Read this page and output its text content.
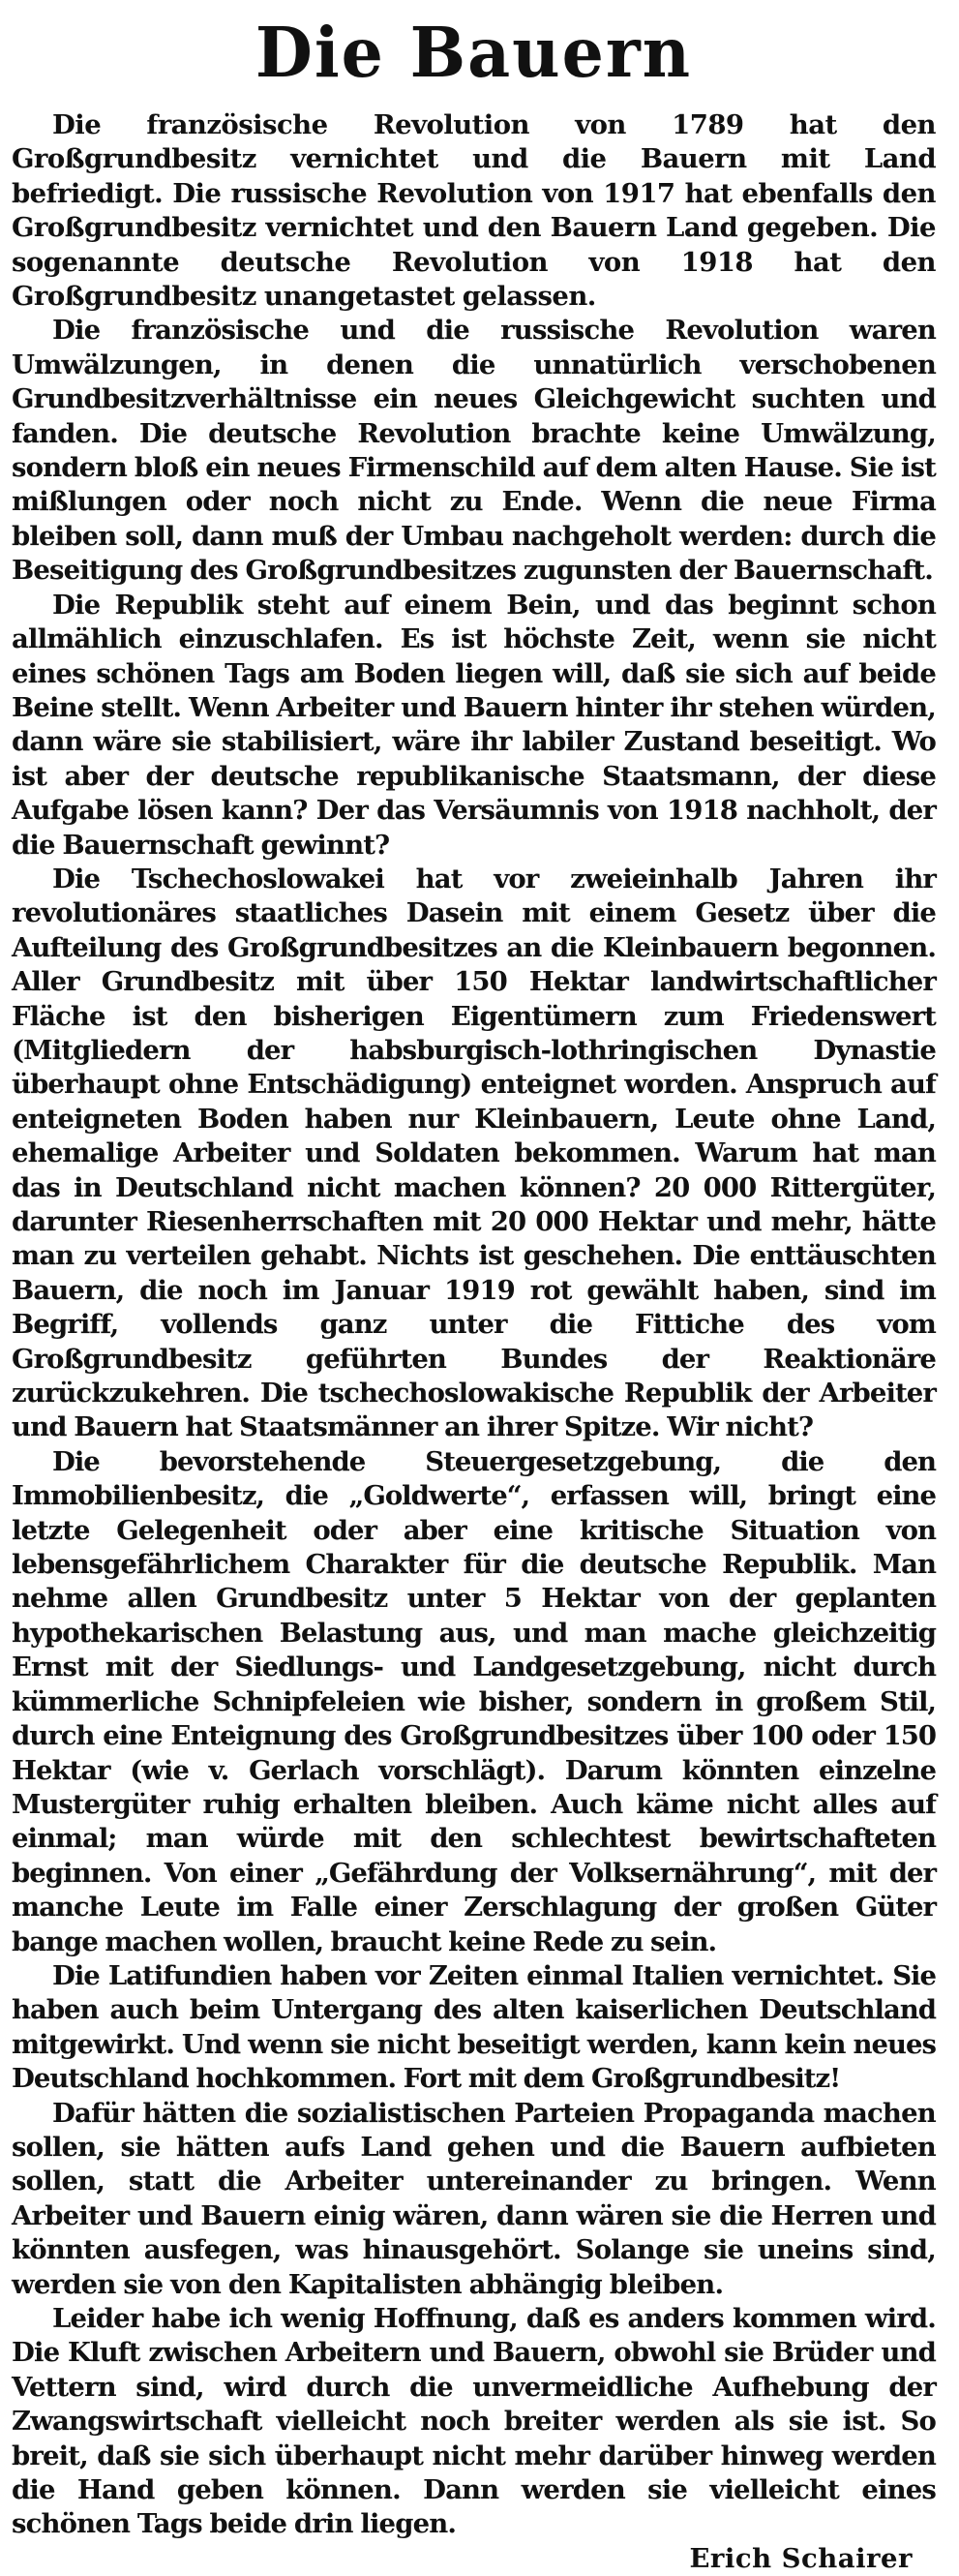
Die Bauern

Die französische Revolution von 1789 hat den Großgrundbesitz vernichtet und die Bauern mit Land befriedigt. Die russische Revolution von 1917 hat ebenfalls den Großgrundbesitz vernichtet und den Bauern Land gegeben. Die sogenannte deutsche Revolution von 1918 hat den Großgrundbesitz unangetastet gelassen.

Die französische und die russische Revolution waren Umwälzungen, in denen die unnatürlich verschobenen Grundbesitzverhältnisse ein neues Gleichgewicht suchten und fanden. Die deutsche Revolution brachte keine Umwälzung, sondern bloß ein neues Firmenschild auf dem alten Hause. Sie ist mißlungen oder noch nicht zu Ende. Wenn die neue Firma bleiben soll, dann muß der Umbau nachgeholt werden: durch die Beseitigung des Großgrundbesitzes zugunsten der Bauernschaft.

Die Republik steht auf einem Bein, und das beginnt schon allmählich einzuschlafen. Es ist höchste Zeit, wenn sie nicht eines schönen Tags am Boden liegen will, daß sie sich auf beide Beine stellt. Wenn Arbeiter und Bauern hinter ihr stehen würden, dann wäre sie stabilisiert, wäre ihr labiler Zustand beseitigt. Wo ist aber der deutsche republikanische Staatsmann, der diese Aufgabe lösen kann? Der das Versäumnis von 1918 nachholt, der die Bauernschaft gewinnt?

Die Tschechoslowakei hat vor zweieinhalb Jahren ihr revolutionäres staatliches Dasein mit einem Gesetz über die Aufteilung des Großgrundbesitzes an die Kleinbauern begonnen. Aller Grundbesitz mit über 150 Hektar landwirtschaftlicher Fläche ist den bisherigen Eigentümern zum Friedenswert (Mitgliedern der habsburgisch-lothringischen Dynastie überhaupt ohne Entschädigung) enteignet worden. Anspruch auf enteigneten Boden haben nur Kleinbauern, Leute ohne Land, ehemalige Arbeiter und Soldaten bekommen. Warum hat man das in Deutschland nicht machen können? 20 000 Rittergüter, darunter Riesenherrschaften mit 20 000 Hektar und mehr, hätte man zu verteilen gehabt. Nichts ist geschehen. Die enttäuschten Bauern, die noch im Januar 1919 rot gewählt haben, sind im Begriff, vollends ganz unter die Fittiche des vom Großgrundbesitz geführten Bundes der Reaktionäre zurückzukehren. Die tschechoslowakische Republik der Arbeiter und Bauern hat Staatsmänner an ihrer Spitze. Wir nicht?

Die bevorstehende Steuergesetzgebung, die den Immobilienbesitz, die „Goldwerte“, erfassen will, bringt eine letzte Gelegenheit oder aber eine kritische Situation von lebensgefährlichem Charakter für die deutsche Republik. Man nehme allen Grundbesitz unter 5 Hektar von der geplanten hypothekarischen Belastung aus, und man mache gleichzeitig Ernst mit der Siedlungs- und Landgesetzgebung, nicht durch kümmerliche Schnipfeleien wie bisher, sondern in großem Stil, durch eine Enteignung des Großgrundbesitzes über 100 oder 150 Hektar (wie v. Gerlach vorschlägt). Darum könnten einzelne Mustergüter ruhig erhalten bleiben. Auch käme nicht alles auf einmal; man würde mit den schlechtest bewirtschafteten beginnen. Von einer „Gefährdung der Volksernährung“, mit der manche Leute im Falle einer Zerschlagung der großen Güter bange machen wollen, braucht keine Rede zu sein.

Die Latifundien haben vor Zeiten einmal Italien vernichtet. Sie haben auch beim Untergang des alten kaiserlichen Deutschland mitgewirkt. Und wenn sie nicht beseitigt werden, kann kein neues Deutschland hochkommen. Fort mit dem Großgrundbesitz!

Dafür hätten die sozialistischen Parteien Propaganda machen sollen, sie hätten aufs Land gehen und die Bauern aufbieten sollen, statt die Arbeiter untereinander zu bringen. Wenn Arbeiter und Bauern einig wären, dann wären sie die Herren und könnten ausfegen, was hinausgehört. Solange sie uneins sind, werden sie von den Kapitalisten abhängig bleiben.

Leider habe ich wenig Hoffnung, daß es anders kommen wird. Die Kluft zwischen Arbeitern und Bauern, obwohl sie Brüder und Vettern sind, wird durch die unvermeidliche Aufhebung der Zwangswirtschaft vielleicht noch breiter werden als sie ist. So breit, daß sie sich überhaupt nicht mehr darüber hinweg werden die Hand geben können. Dann werden sie vielleicht eines schönen Tags beide drin liegen.

Erich Schairer
